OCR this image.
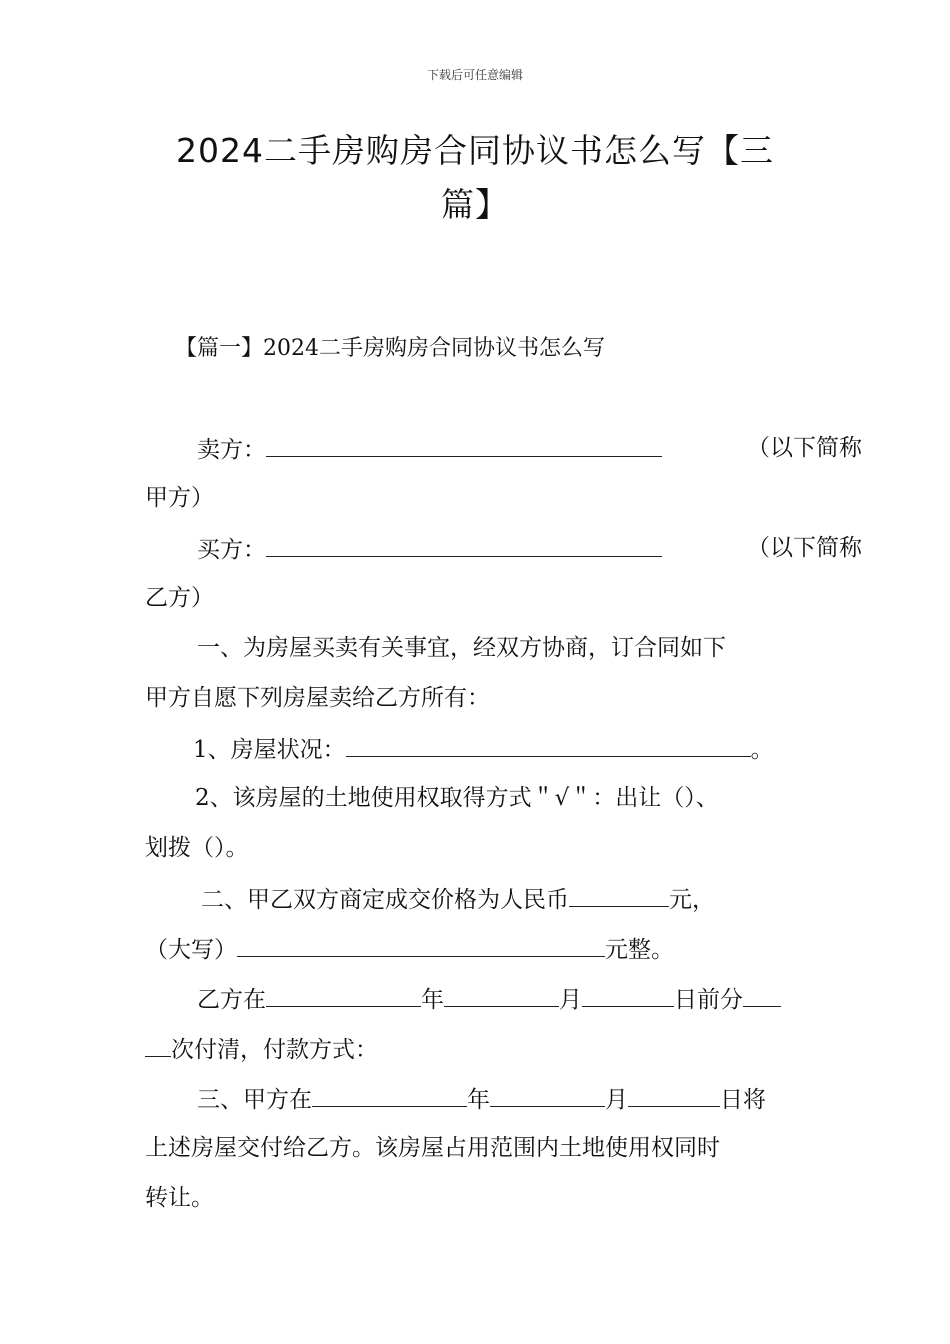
下载后可任意编辑
2024二手房购房合同协议书怎么写【三
篇】
【篇一】2024二手房购房合同协议书怎么写
卖方：	（以下简称
甲方）
买方：	（以下简称
乙方）
一、为房屋买卖有关事宜，经双方协商，订合同如下
甲方自愿下列房屋卖给乙方所有：
1、房屋状况：	。
2、该房屋的土地使用权取得方式＂√＂：出让（）、
划拨（）。
二、甲乙双方商定成交价格为人民币	元，
（大写）	元整。
乙方在	年	月	日前分
次付清，付款方式：
三、甲方在	年	月	日将
上述房屋交付给乙方。该房屋占用范围内土地使用权同时
转让。
